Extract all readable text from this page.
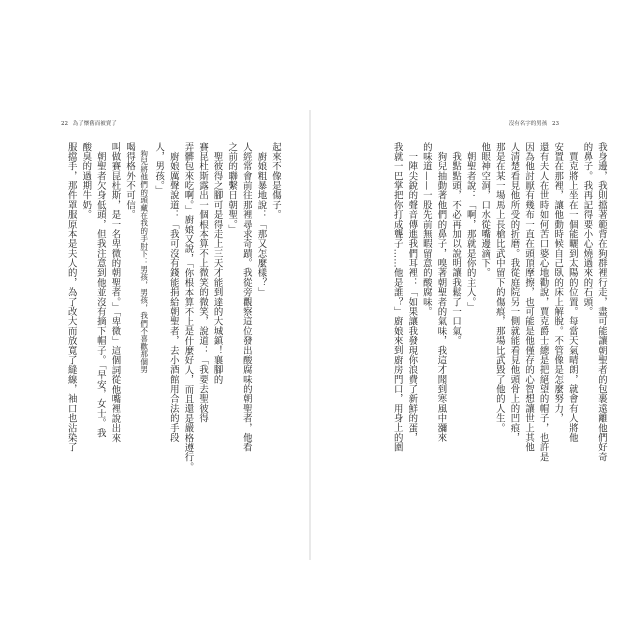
22 為了懷舊而被賣了
起來不像是傷子。
　廚娘粗暴地說：「那又怎麼樣？」
人經常會前往那裡尋求奇蹟。我從旁觀察這位發出酸腐味的朝聖者，他看
之前的聯繫日朝聖。」
　聖彼得之腳可是得走上三天才能到達的大城鎮！襄腳的
賽昆杜斯露出一個根本算不上微笑的微笑，說道：「我要去聖彼得
弄髒包來吃啊。」廚娘又說，「你根本算不上是什麼好人，而且還是嚴格遵行。
　廚娘厲聲說道：「我可沒有錢能捐給朝聖者，去小酒館用合法的手段
人，男孩。」
　狗兒將他們的頭藏在我的手肘下：男孩，男孩，我們不喜歡那個男
喝得格外不可信。
叫做賽昆杜斯，是一名卑微的朝聖者。」「卑微」這個詞從他嘴裡說出來
　朝聖者欠身低頭，但我注意到他並沒有摘下帽子。「早安，女士。我
酸臭的過期牛奶。
服擋手，那件罩服原本是夫人的，為了改大而放寬了縫線，袖口也沾染了
沒有名字的男孩 23
我身邊，我則擋著範背在狗群裡行走，盡可能讓朝聖者的包裹遠離他們好奇
的鼻子。我再記得要小心燒過來的石頭。
　賈克將上坐在一個能曬到太陽的位置。每當天氣晴朗，就會有人將他
安置在那裡，讓他動時候自己臥的床上解脫。不管像是怎麼努力，
還有夫人在世時如何苦口婆心地勸說，賈克爵士總是把絕望的帽子，也許是
因為他討厭有幾布一直在頭頂摩擦，也可能是他僅存的心智想讓世上其他
人清楚看見他所受的折磨。我從庭院另一側就能看見他頭骨上的凹痕，
那是在某一場馬上長槍比武中留下的傷痕，那場比武毀了他的人生。
他眼神空洞，口水從嘴邊滴下。
　朝聖者說：「啊，那就是你的主人。」
　我點點頭，不必再加以說明讓我鬆了一口氣。
　狗兒抽動著他們的鼻子，嗅著朝聖者的氣味，我這才聞到寒風中瀰來
的味道——一股先前無暇留意的酸腐味。
　一陣尖銳的聲音傳進我們耳裡：「如果讓我發現你浪費了新鮮的蛋，
我就一巴掌把你打成聾子……他是誰？」廚娘來到廚房門口，用身上的圍
